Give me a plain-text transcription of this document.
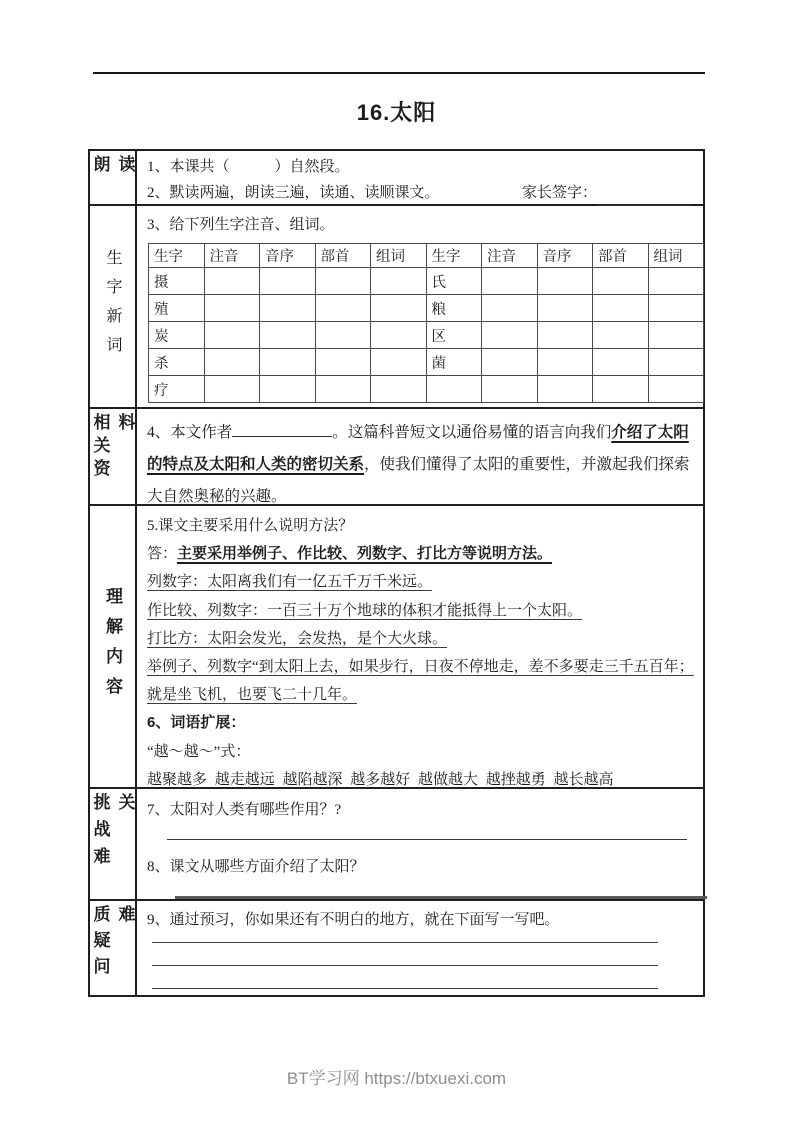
16.太阳
朗读 1、本课共（　　　）自然段。
2、默读两遍，朗读三遍，读通、读顺课文。	家长签字：
生字新词
3、给下列生字注音、组词。
生字	注音	音序	部首	组词	生字	注音	音序	部首	组词
摄					氏				
殖					粮				
炭					区				
杀					菌				
疗									
相关资料 4、本文作者	。这篇科普短文以通俗易懂的语言向我们介绍了太阳的特点及太阳和人类的密切关系，使我们懂得了太阳的重要性，并激起我们探索大自然奥秘的兴趣。

理解内容
5.课文主要采用什么说明方法？
答：主要采用举例子、作比较、列数字、打比方等说明方法。
列数字：太阳离我们有一亿五千万千米远。
作比较、列数字：一百三十万个地球的体积才能抵得上一个太阳。
打比方：太阳会发光，会发热，是个大火球。
举例子、列数字“到太阳上去，如果步行，日夜不停地走，差不多要走三千五百年；就是坐飞机，也要飞二十几年。
6、词语扩展：
“越～越～”式：
越聚越多 越走越远 越陷越深 越多越好 越做越大 越挫越勇 越长越高
挑战难关 7、太阳对人类有哪些作用？?
8、课文从哪些方面介绍了太阳？
质疑问难 9、通过预习，你如果还有不明白的地方，就在下面写一写吧。
BT学习网 https://btxuexi.com
